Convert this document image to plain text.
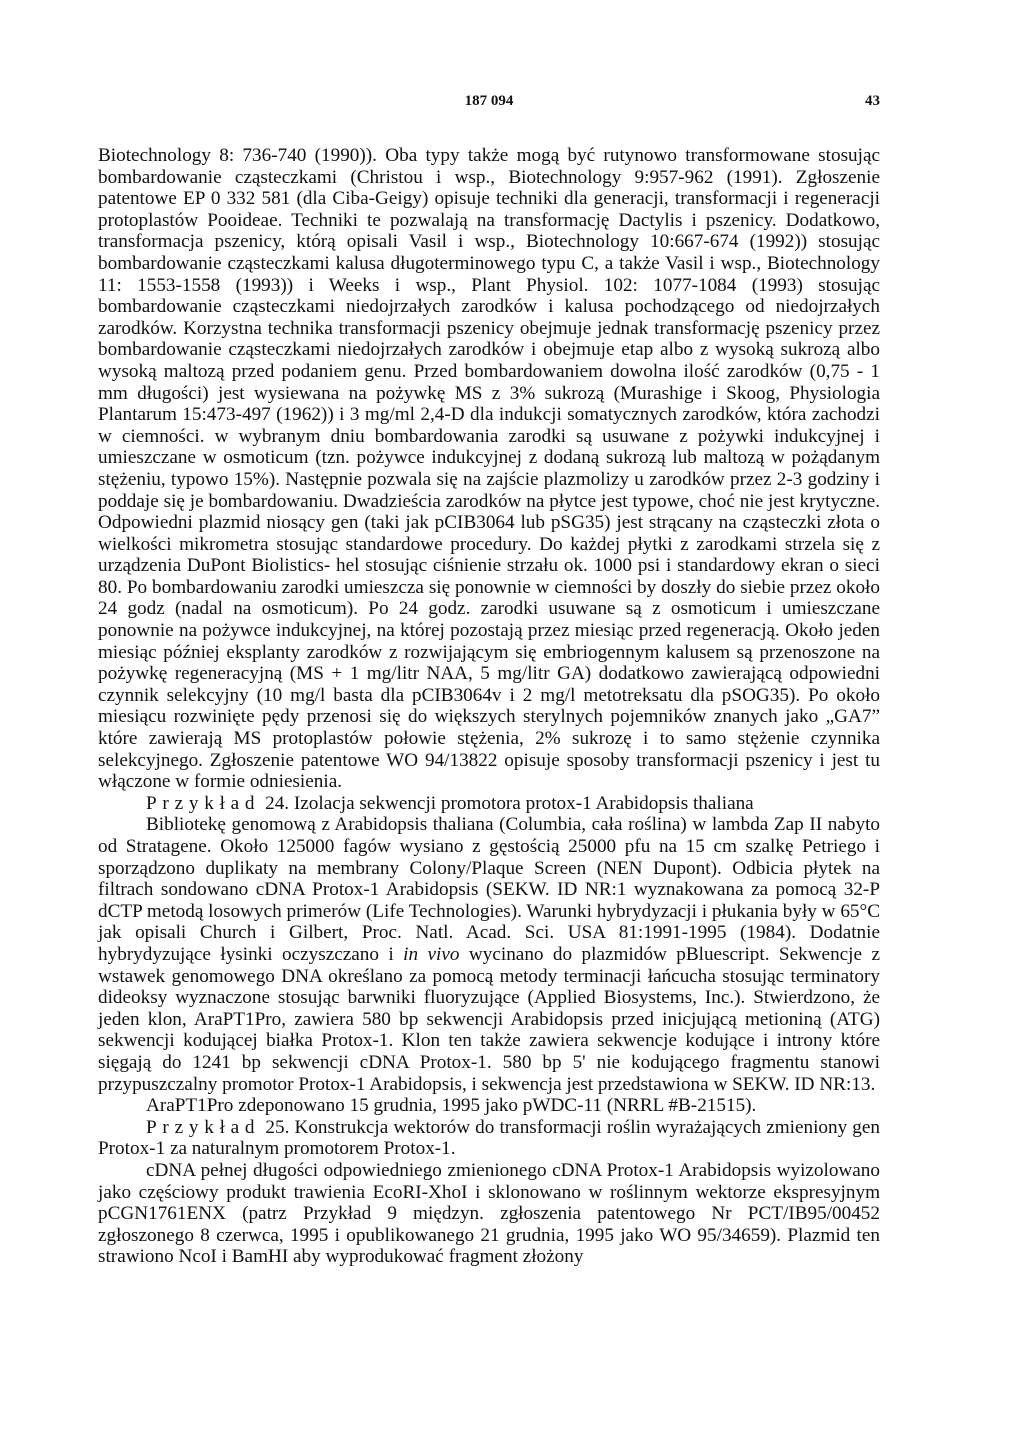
187 094	43

Biotechnology 8: 736-740 (1990)). Oba typy także mogą być rutynowo transformowane stosując bombardowanie cząsteczkami (Christou i wsp., Biotechnology 9:957-962 (1991). Zgłoszenie patentowe EP 0 332 581 (dla Ciba-Geigy) opisuje techniki dla generacji, transformacji i regeneracji protoplastów Pooideae. Techniki te pozwalają na transformację Dactylis i pszenicy. Dodatkowo, transformacja pszenicy, którą opisali Vasil i wsp., Biotechnology 10:667-674 (1992)) stosując bombardowanie cząsteczkami kalusa długoterminowego typu C, a także Vasil i wsp., Biotechnology 11: 1553-1558 (1993)) i Weeks i wsp., Plant Physiol. 102: 1077-1084 (1993) stosując bombardowanie cząsteczkami niedojrzałych zarodków i kalusa pochodzącego od niedojrzałych zarodków. Korzystna technika transformacji pszenicy obejmuje jednak transformację pszenicy przez bombardowanie cząsteczkami niedojrzałych zarodków i obejmuje etap albo z wysoką sukrozą albo wysoką maltozą przed podaniem genu. Przed bombardowaniem dowolna ilość zarodków (0,75 - 1 mm długości) jest wysiewana na pożywkę MS z 3% sukrozą (Murashige i Skoog, Physiologia Plantarum 15:473-497 (1962)) i 3 mg/ml 2,4-D dla indukcji somatycznych zarodków, która zachodzi w ciemności. w wybranym dniu bombardowania zarodki są usuwane z pożywki indukcyjnej i umieszczane w osmoticum (tzn. pożywce indukcyjnej z dodaną sukrozą lub maltozą w pożądanym stężeniu, typowo 15%). Następnie pozwala się na zajście plazmolizy u zarodków przez 2-3 godziny i poddaje się je bombardowaniu. Dwadzieścia zarodków na płytce jest typowe, choć nie jest krytyczne. Odpowiedni plazmid niosący gen (taki jak pCIB3064 lub pSG35) jest strącany na cząsteczki złota o wielkości mikrometra stosując standardowe procedury. Do każdej płytki z zarodkami strzela się z urządzenia DuPont Biolistics- hel stosując ciśnienie strzału ok. 1000 psi i standardowy ekran o sieci 80. Po bombardowaniu zarodki umieszcza się ponownie w ciemności by doszły do siebie przez około 24 godz (nadal na osmoticum). Po 24 godz. zarodki usuwane są z osmoticum i umieszczane ponownie na pożywce indukcyjnej, na której pozostają przez miesiąc przed regeneracją. Około jeden miesiąc później eksplanty zarodków z rozwijającym się embriogennym kalusem są przenoszone na pożywkę regeneracyjną (MS + 1 mg/litr NAA, 5 mg/litr GA) dodatkowo zawierającą odpowiedni czynnik selekcyjny (10 mg/l basta dla pCIB3064v i 2 mg/l metotreksatu dla pSOG35). Po około miesiącu rozwinięte pędy przenosi się do większych sterylnych pojemników znanych jako „GA7” które zawierają MS protoplastów połowie stężenia, 2% sukrozę i to samo stężenie czynnika selekcyjnego. Zgłoszenie patentowe WO 94/13822 opisuje sposoby transformacji pszenicy i jest tu włączone w formie odniesienia.

Przykład 24. Izolacja sekwencji promotora protox-1 Arabidopsis thaliana

Bibliotekę genomową z Arabidopsis thaliana (Columbia, cała roślina) w lambda Zap II nabyto od Stratagene. Około 125000 fagów wysiano z gęstością 25000 pfu na 15 cm szalkę Petriego i sporządzono duplikaty na membrany Colony/Plaque Screen (NEN Dupont). Odbicia płytek na filtrach sondowano cDNA Protox-1 Arabidopsis (SEKW. ID NR:1 wyznakowana za pomocą 32-P dCTP metodą losowych primerów (Life Technologies). Warunki hybrydyzacji i płukania były w 65°C jak opisali Church i Gilbert, Proc. Natl. Acad. Sci. USA 81:1991-1995 (1984). Dodatnie hybrydyzujące łysinki oczyszczano i in vivo wycinano do plazmidów pBluescript. Sekwencje z wstawek genomowego DNA określano za pomocą metody terminacji łańcucha stosując terminatory dideoksy wyznaczone stosując barwniki fluoryzujące (Applied Biosystems, Inc.). Stwierdzono, że jeden klon, AraPT1Pro, zawiera 580 bp sekwencji Arabidopsis przed inicjującą metioniną (ATG) sekwencji kodującej białka Protox-1. Klon ten także zawiera sekwencje kodujące i introny które sięgają do 1241 bp sekwencji cDNA Protox-1. 580 bp 5' nie kodującego fragmentu stanowi przypuszczalny promotor Protox-1 Arabidopsis, i sekwencja jest przedstawiona w SEKW. ID NR:13.

AraPT1Pro zdeponowano 15 grudnia, 1995 jako pWDC-11 (NRRL #B-21515).

Przykład 25. Konstrukcja wektorów do transformacji roślin wyrażających zmieniony gen Protox-1 za naturalnym promotorem Protox-1.

cDNA pełnej długości odpowiedniego zmienionego cDNA Protox-1 Arabidopsis wyizolowano jako częściowy produkt trawienia EcoRI-XhoI i sklonowano w roślinnym wektorze ekspresyjnym pCGN1761ENX (patrz Przykład 9 międzyn. zgłoszenia patentowego Nr PCT/IB95/00452 zgłoszonego 8 czerwca, 1995 i opublikowanego 21 grudnia, 1995 jako WO 95/34659). Plazmid ten strawiono NcoI i BamHI aby wyprodukować fragment złożony
